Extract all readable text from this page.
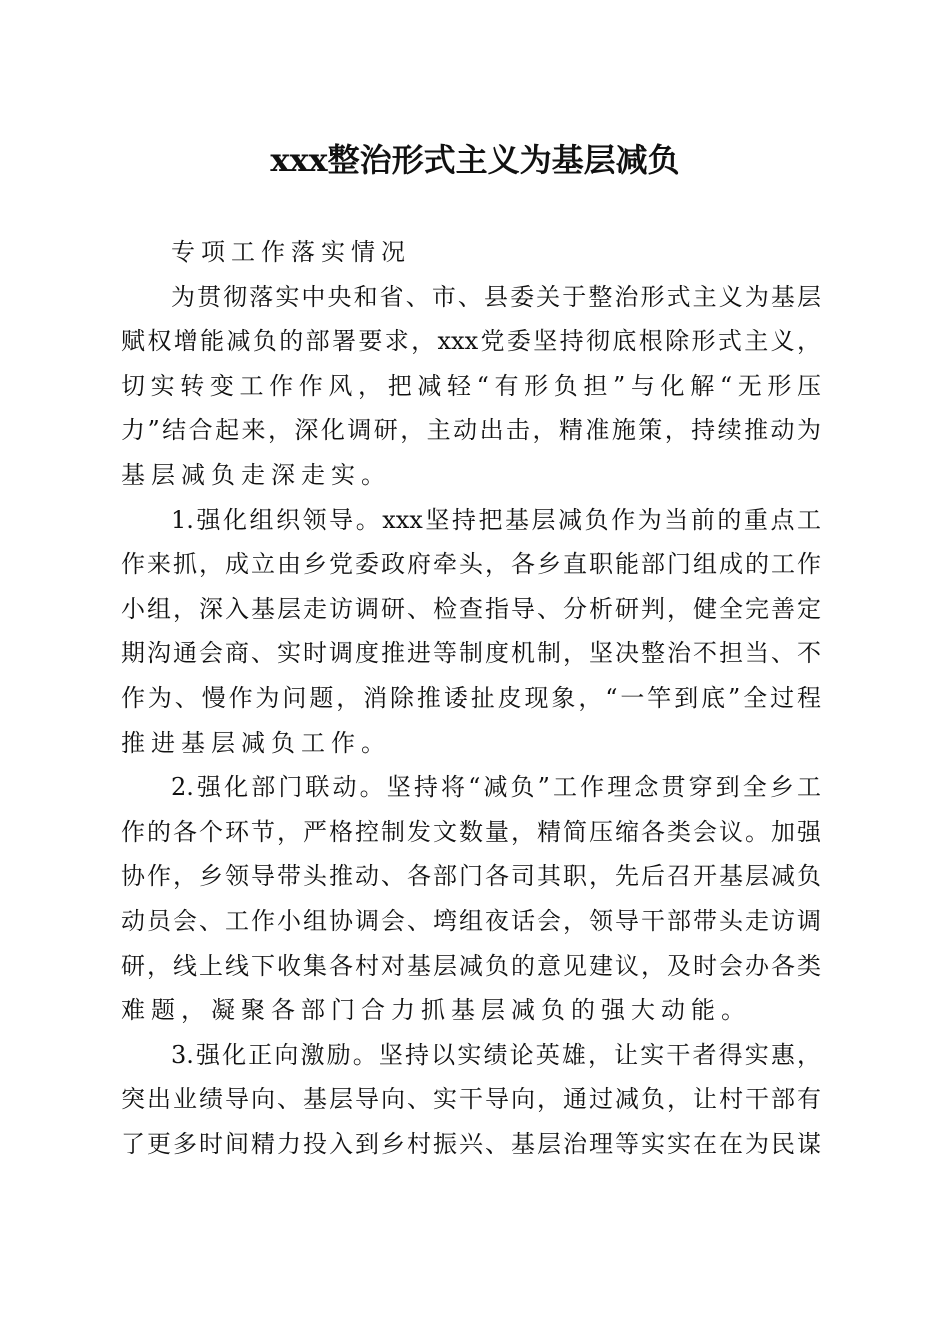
xxx整治形式主义为基层减负
专项工作落实情况
为贯彻落实中央和省、市、县委关于整治形式主义为基层
赋权增能减负的部署要求，xxx党委坚持彻底根除形式主义，
切实转变工作作风，把减轻“有形负担”与化解“无形压
力”结合起来，深化调研，主动出击，精准施策，持续推动为
基层减负走深走实。
1.强化组织领导。xxx坚持把基层减负作为当前的重点工
作来抓，成立由乡党委政府牵头，各乡直职能部门组成的工作
小组，深入基层走访调研、检查指导、分析研判，健全完善定
期沟通会商、实时调度推进等制度机制，坚决整治不担当、不
作为、慢作为问题，消除推诿扯皮现象，“一竿到底”全过程
推进基层减负工作。
2.强化部门联动。坚持将“减负”工作理念贯穿到全乡工
作的各个环节，严格控制发文数量，精简压缩各类会议。加强
协作，乡领导带头推动、各部门各司其职，先后召开基层减负
动员会、工作小组协调会、塆组夜话会，领导干部带头走访调
研，线上线下收集各村对基层减负的意见建议，及时会办各类
难题，凝聚各部门合力抓基层减负的强大动能。
3.强化正向激励。坚持以实绩论英雄，让实干者得实惠，
突出业绩导向、基层导向、实干导向，通过减负，让村干部有
了更多时间精力投入到乡村振兴、基层治理等实实在在为民谋
